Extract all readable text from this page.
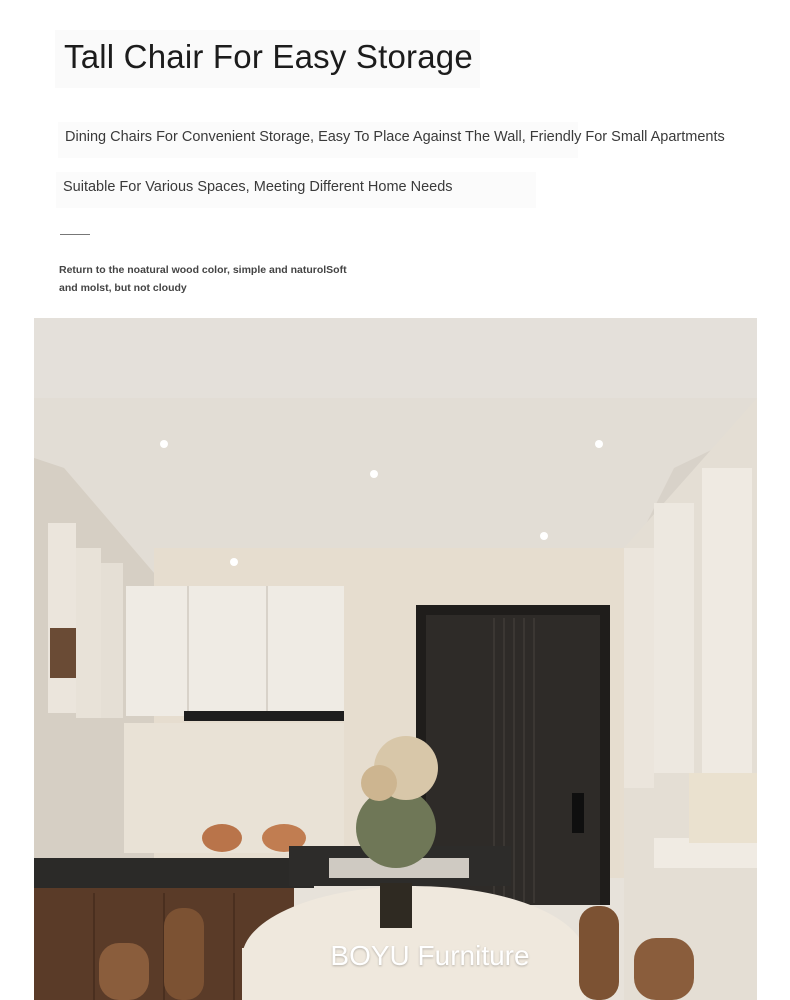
Tall Chair For Easy Storage

Dining Chairs For Convenient Storage, Easy To Place Against The Wall, Friendly For Small Apartments

Suitable For Various Spaces, Meeting Different Home Needs

Return to the noatural wood color, simple and naturolSoft and molst, but not cloudy

BOYU Furniture
